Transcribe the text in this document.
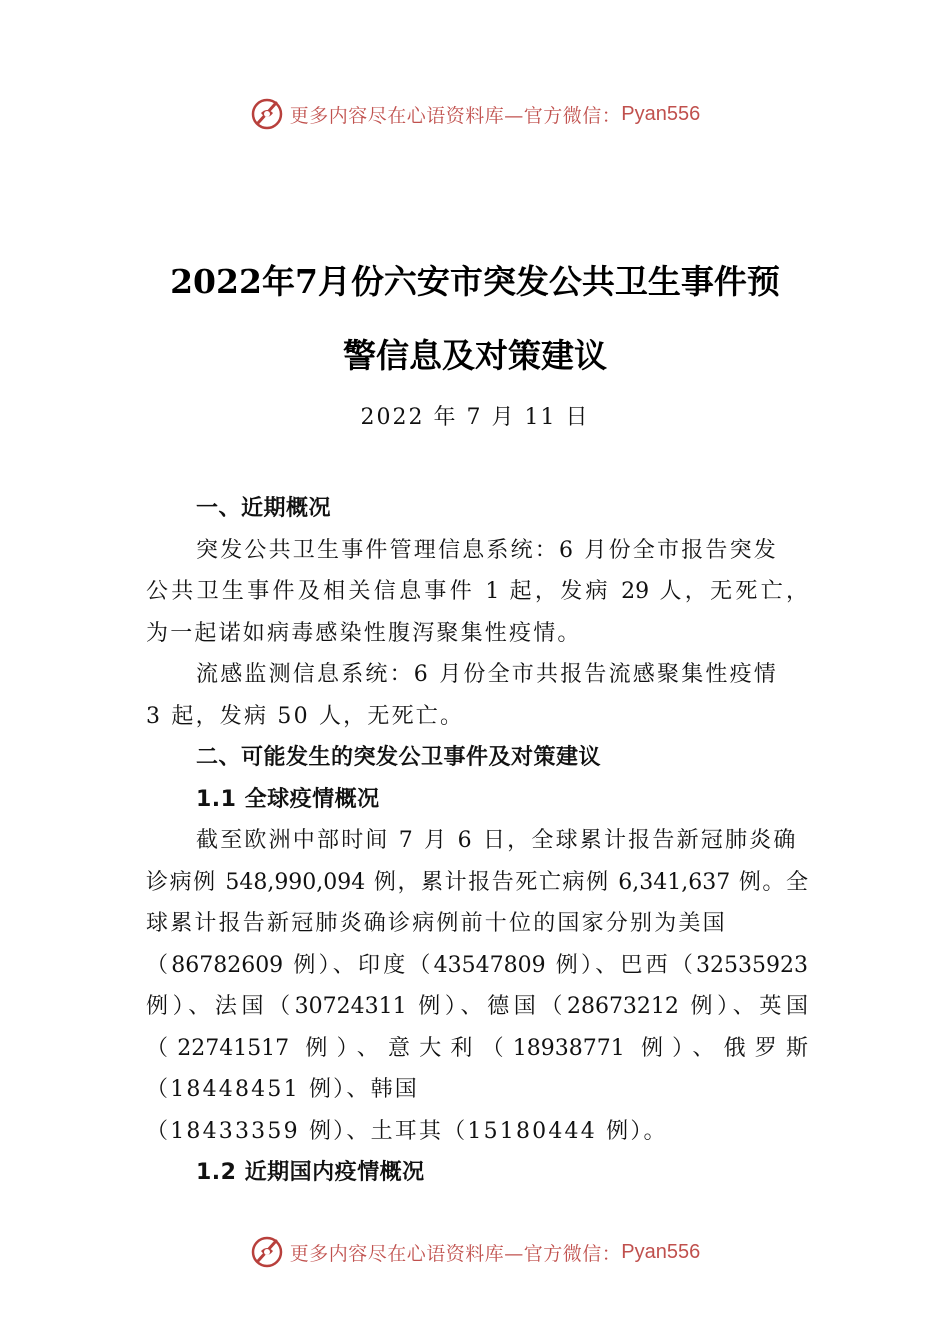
更多内容尽在心语资料库—官方微信： Pyan556
2022年7月份六安市突发公共卫生事件预
警信息及对策建议
2022 年 7 月 11 日
一、近期概况
突发公共卫生事件管理信息系统：6 月份全市报告突发
公共卫生事件及相关信息事件 1 起，发病 29 人，无死亡，
为一起诺如病毒感染性腹泻聚集性疫情。
流感监测信息系统：6 月份全市共报告流感聚集性疫情
3 起，发病 50 人，无死亡。
二、可能发生的突发公卫事件及对策建议
1.1 全球疫情概况
截至欧洲中部时间 7 月 6 日，全球累计报告新冠肺炎确
诊病例 548,990,094 例，累计报告死亡病例 6,341,637 例。全
球累计报告新冠肺炎确诊病例前十位的国家分别为美国
（86782609 例）、印度（43547809 例）、巴西（32535923
例）、法国（30724311 例）、德国（28673212 例）、英国
（22741517 例）、意大利（18938771 例）、俄罗斯
（18448451 例）、韩国
（18433359 例）、土耳其（15180444 例）。
1.2 近期国内疫情概况
更多内容尽在心语资料库—官方微信： Pyan556
